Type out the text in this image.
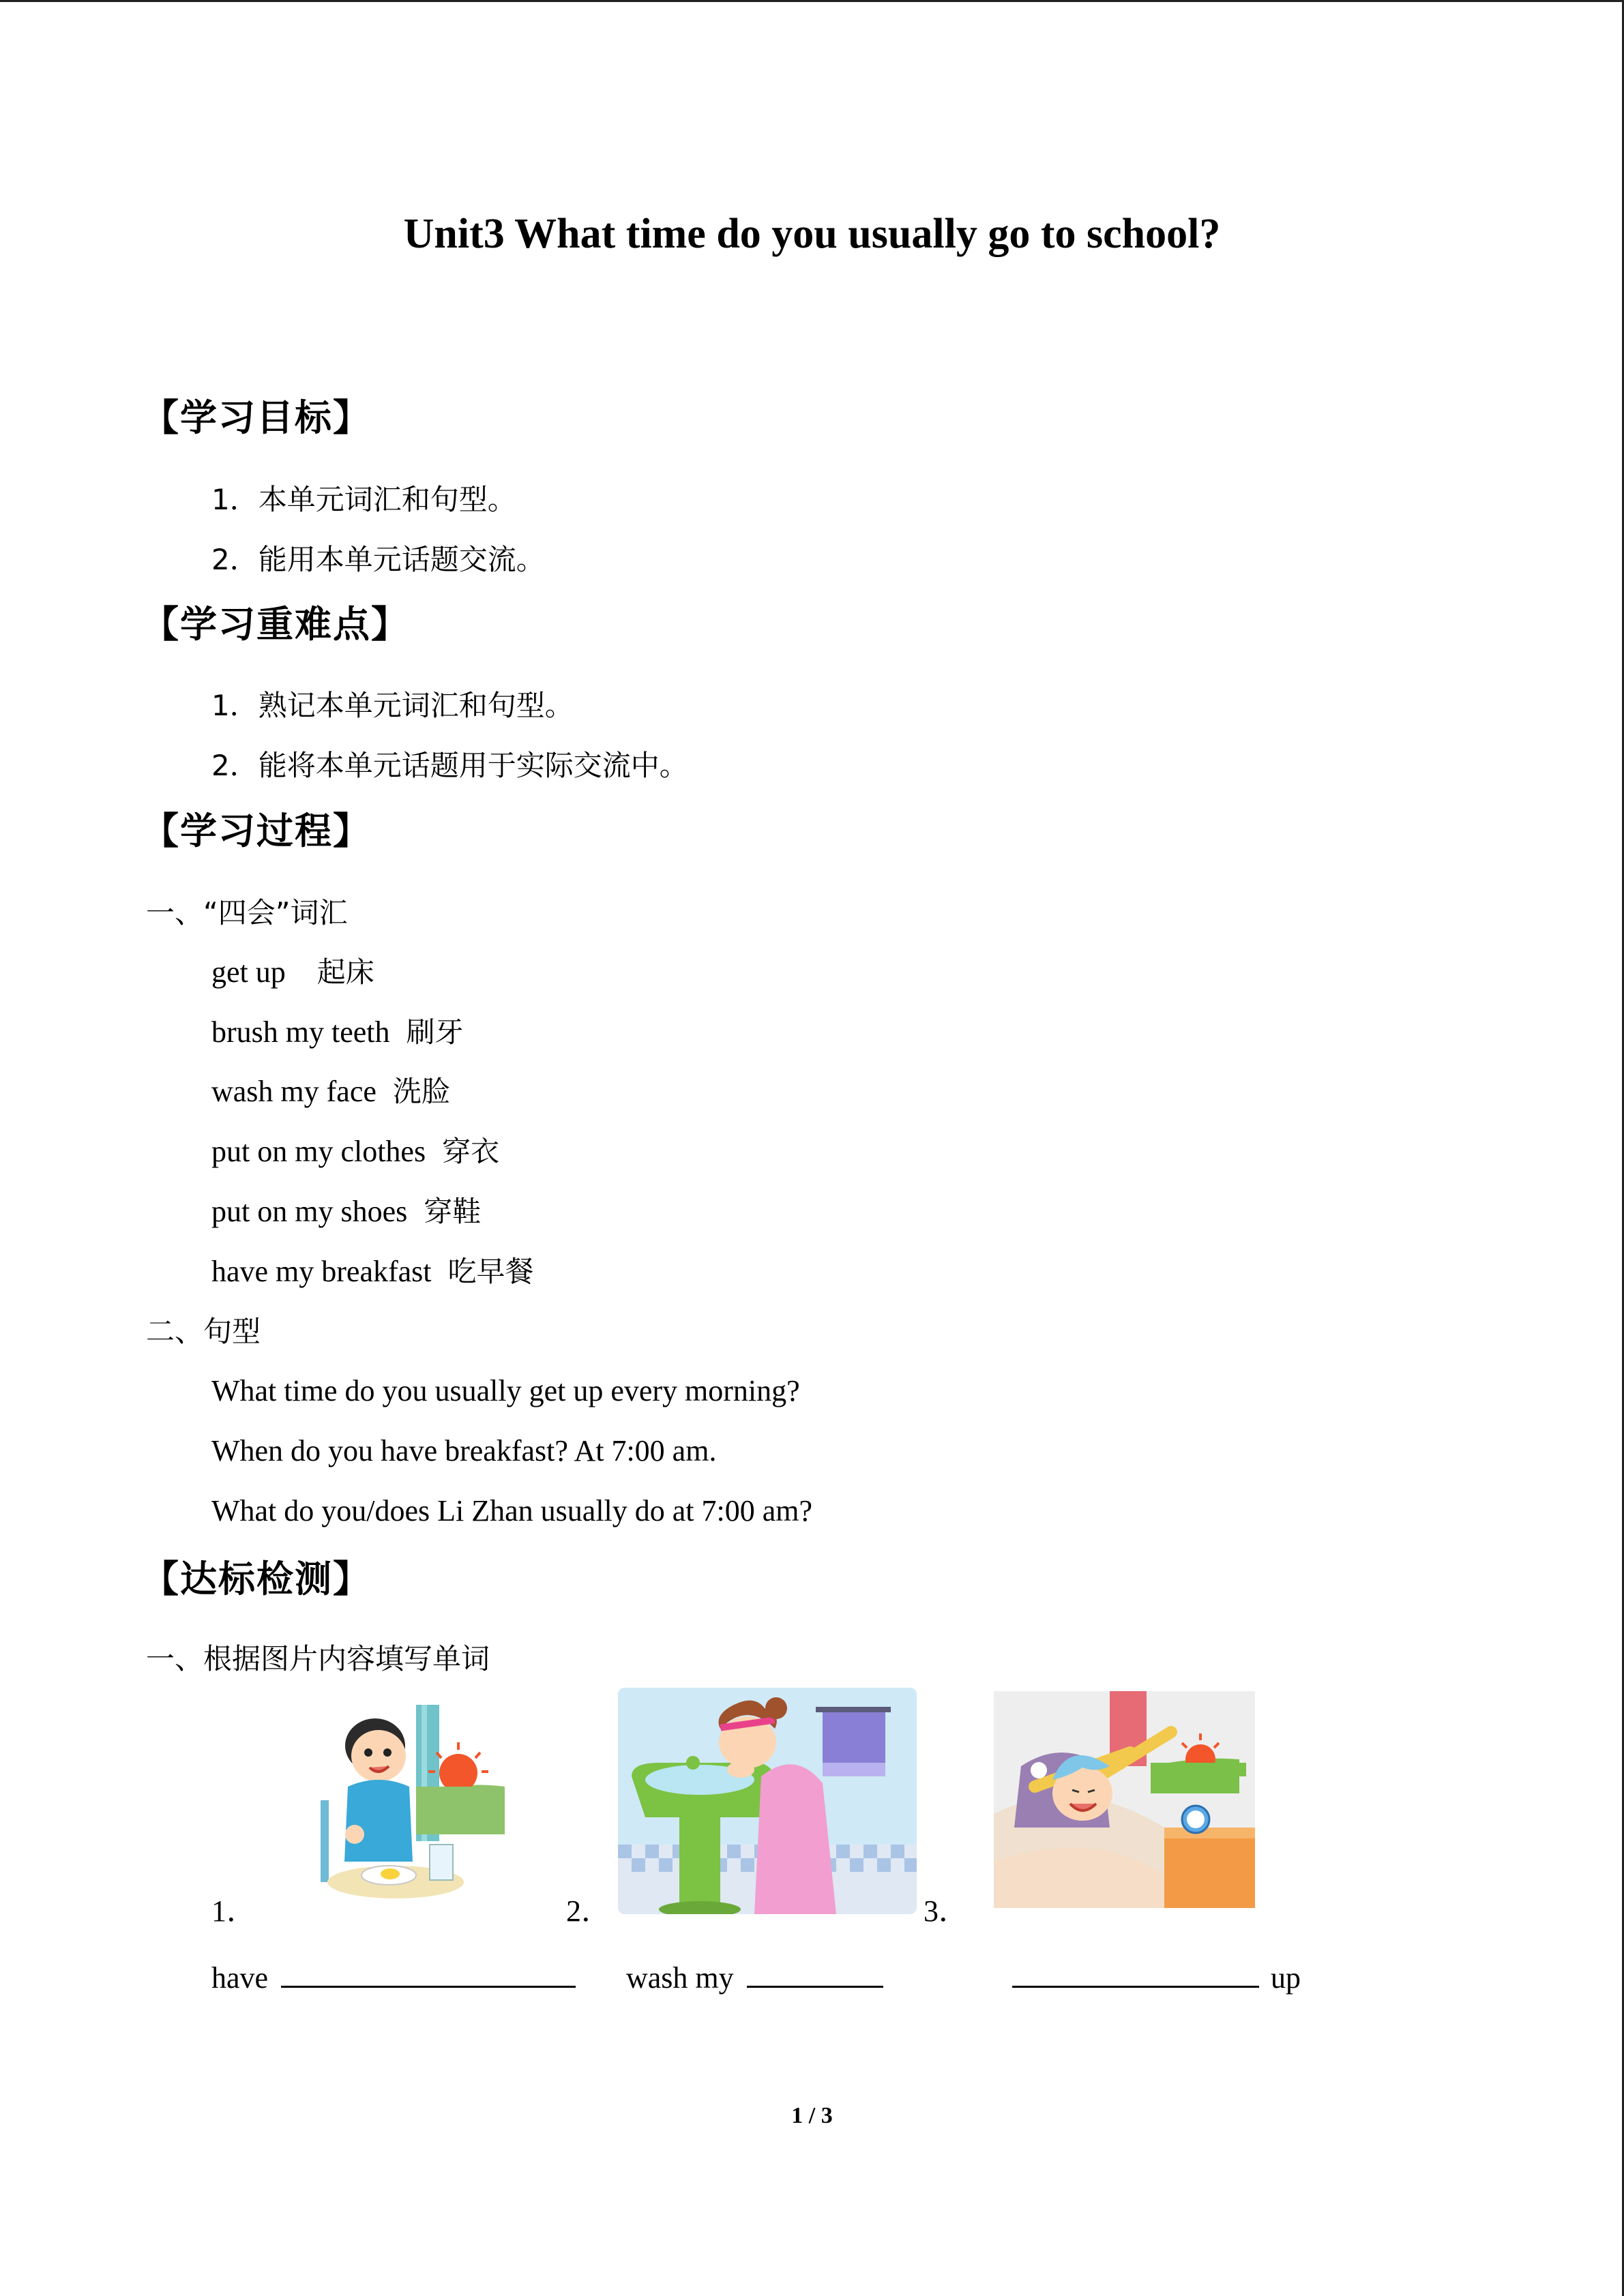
Unit3 What time do you usually go to school?
【学习目标】
1．本单元词汇和句型。
2．能用本单元话题交流。
【学习重难点】
1．熟记本单元词汇和句型。
2．能将本单元话题用于实际交流中。
【学习过程】
一、“四会”词汇
get up 起床
brush my teeth 刷牙
wash my face 洗脸
put on my clothes 穿衣
put on my shoes 穿鞋
have my breakfast 吃早餐
二、句型
What time do you usually get up every morning?
When do you have breakfast? At 7:00 am.
What do you/does Li Zhan usually do at 7:00 am?
【达标检测】
一、根据图片内容填写单词
1．	2．	3．
have	wash my	up
1 / 3
